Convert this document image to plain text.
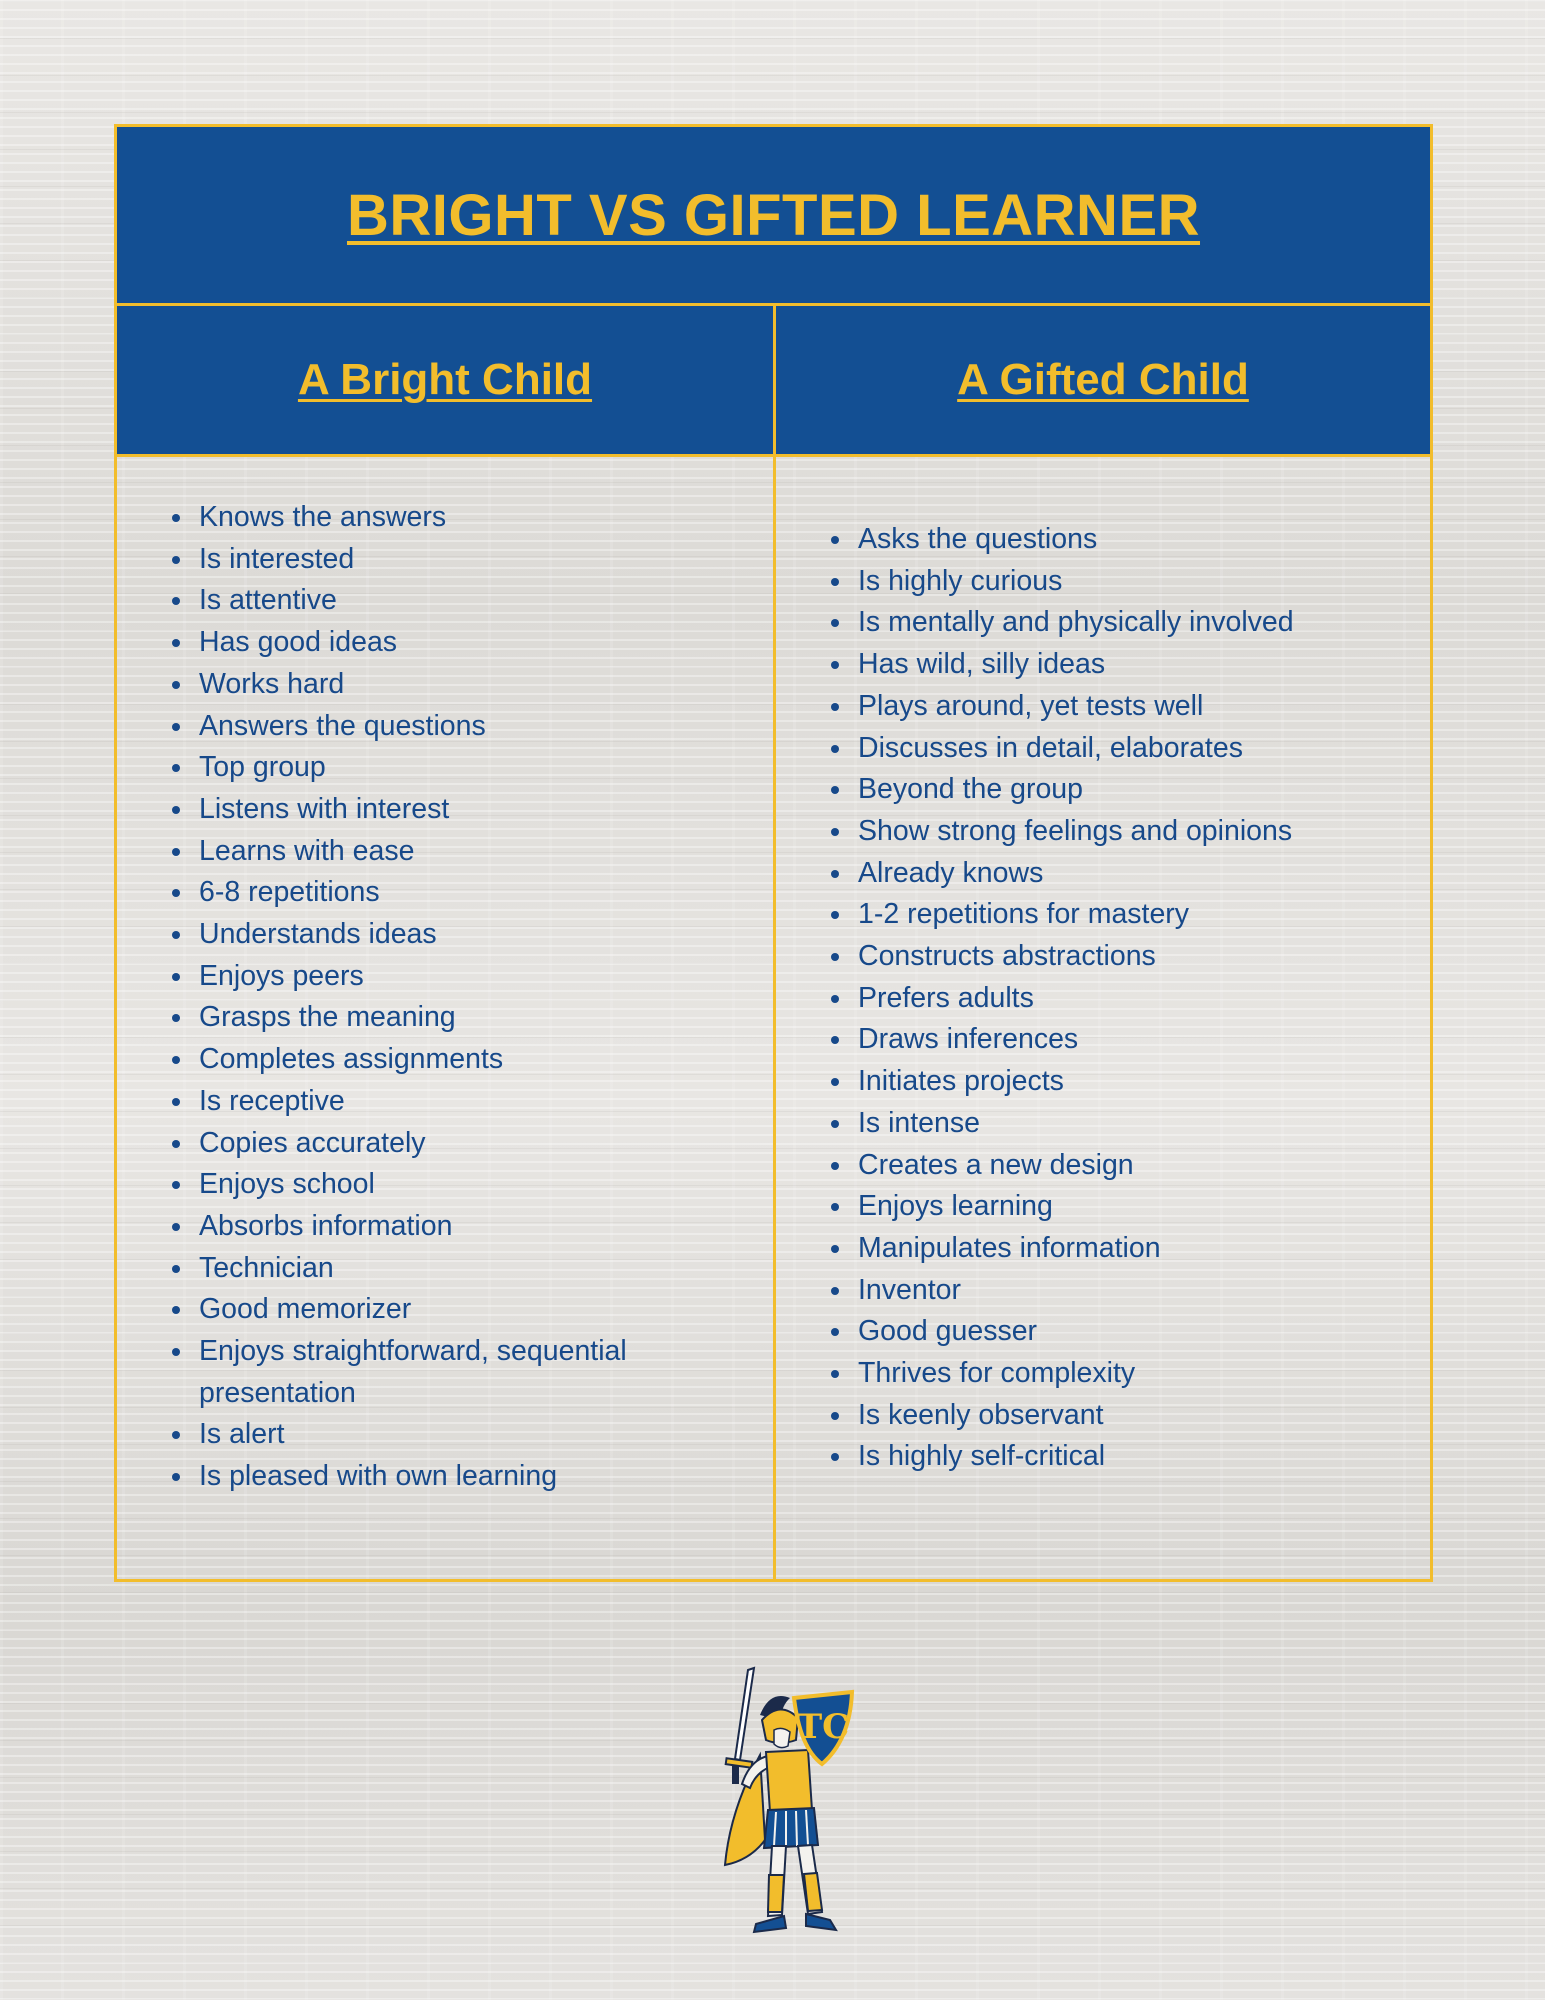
BRIGHT VS GIFTED LEARNER
A Bright Child	A Gifted Child
Knows the answers
Is interested
Is attentive
Has good ideas
Works hard
Answers the questions
Top group
Listens with interest
Learns with ease
6-8 repetitions
Understands ideas
Enjoys peers
Grasps the meaning
Completes assignments
Is receptive
Copies accurately
Enjoys school
Absorbs information
Technician
Good memorizer
Enjoys straightforward, sequential presentation
Is alert
Is pleased with own learning
Asks the questions
Is highly curious
Is mentally and physically involved
Has wild, silly ideas
Plays around, yet tests well
Discusses in detail, elaborates
Beyond the group
Show strong feelings and opinions
Already knows
1-2 repetitions for mastery
Constructs abstractions
Prefers adults
Draws inferences
Initiates projects
Is intense
Creates a new design
Enjoys learning
Manipulates information
Inventor
Good guesser
Thrives for complexity
Is keenly observant
Is highly self-critical
TC
